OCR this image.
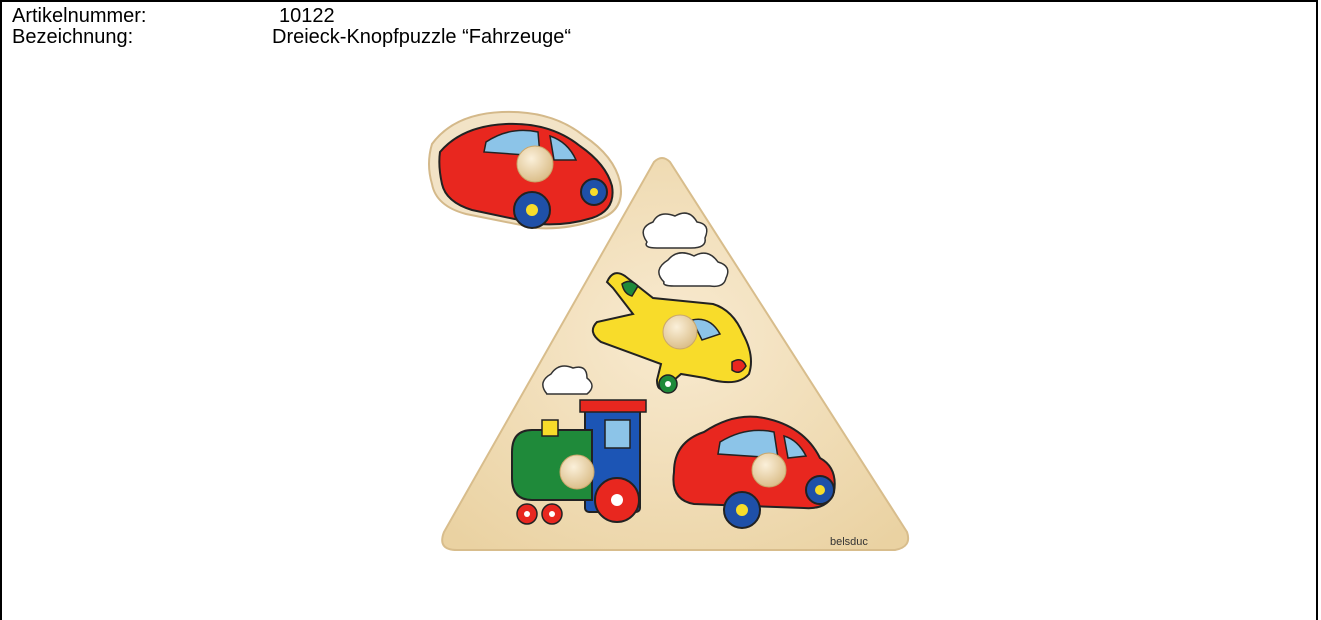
Artikelnummer:	10122
Bezeichnung:	Dreieck-Knopfpuzzle “Fahrzeuge“
belsduc
